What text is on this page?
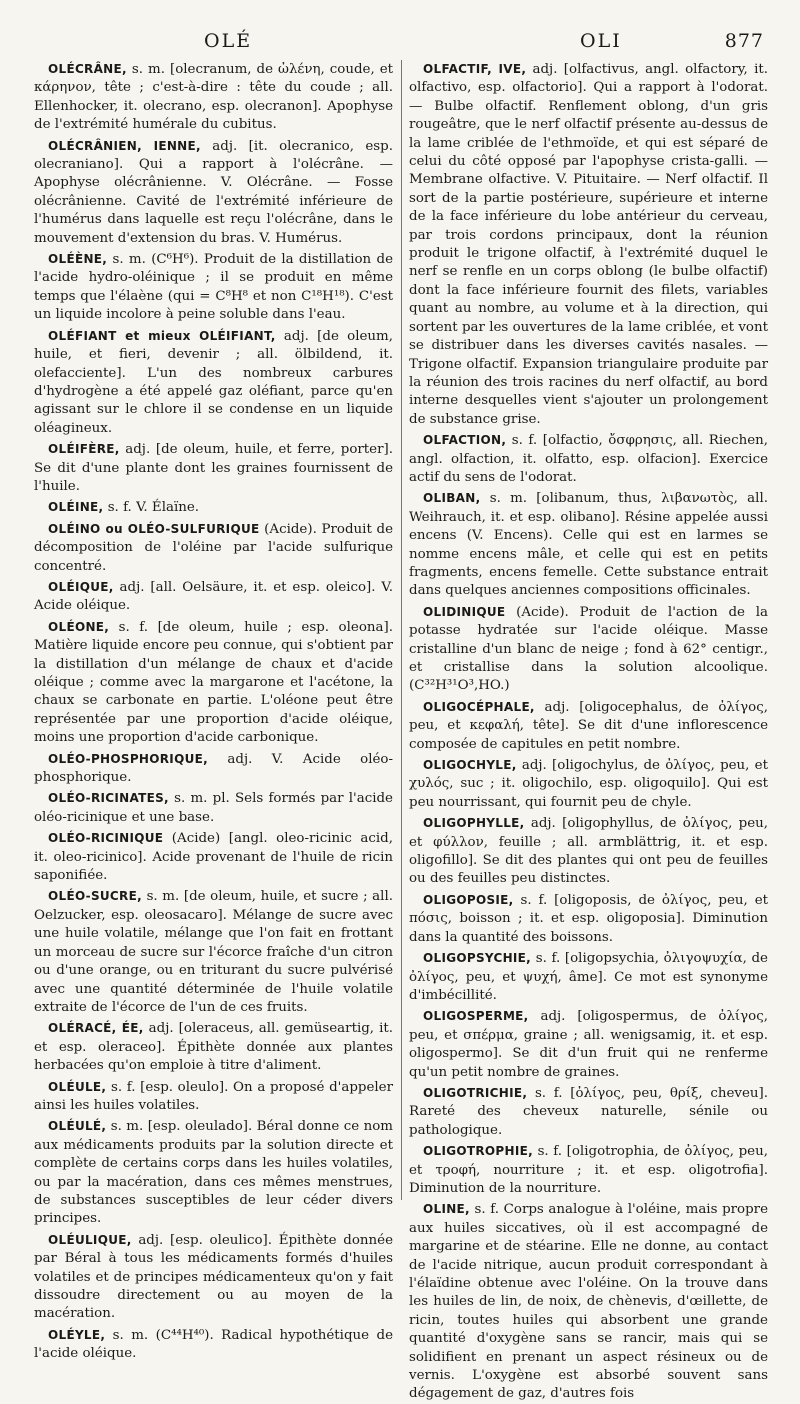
OLÉ	OLI	877

OLÉCRÂNE, s. m. [olecranum, de ὠλένη, coude, et κάρηνον, tête ; c'est-à-dire : tête du coude ; all. Ellenhocker, it. olecrano, esp. olecranon]. Apophyse de l'extrémité humérale du cubitus.

OLÉCRÂNIEN, IENNE, adj. [it. olecranico, esp. olecraniano]. Qui a rapport à l'olécrâne. — Apophyse olécrânienne. V. Olécrâne. — Fosse olécrânienne. Cavité de l'extrémité inférieure de l'humérus dans laquelle est reçu l'olécrâne, dans le mouvement d'extension du bras. V. Humérus.

OLÉÈNE, s. m. (C⁶H⁶). Produit de la distillation de l'acide hydro-oléinique ; il se produit en même temps que l'élaène (qui = C⁸H⁸ et non C¹⁸H¹⁸). C'est un liquide incolore à peine soluble dans l'eau.

OLÉFIANT et mieux OLÉIFIANT, adj. [de oleum, huile, et fieri, devenir ; all. ölbildend, it. olefacciente]. L'un des nombreux carbures d'hydrogène a été appelé gaz oléfiant, parce qu'en agissant sur le chlore il se condense en un liquide oléagineux.

OLÉIFÈRE, adj. [de oleum, huile, et ferre, porter]. Se dit d'une plante dont les graines fournissent de l'huile.

OLÉINE, s. f. V. Élaïne.

OLÉINO ou OLÉO-SULFURIQUE (Acide). Produit de décomposition de l'oléine par l'acide sulfurique concentré.

OLÉIQUE, adj. [all. Oelsäure, it. et esp. oleico]. V. Acide oléique.

OLÉONE, s. f. [de oleum, huile ; esp. oleona]. Matière liquide encore peu connue, qui s'obtient par la distillation d'un mélange de chaux et d'acide oléique ; comme avec la margarone et l'acétone, la chaux se carbonate en partie. L'oléone peut être représentée par une proportion d'acide oléique, moins une proportion d'acide carbonique.

OLÉO-PHOSPHORIQUE, adj. V. Acide oléo-phosphorique.

OLÉO-RICINATES, s. m. pl. Sels formés par l'acide oléo-ricinique et une base.

OLÉO-RICINIQUE (Acide) [angl. oleo-ricinic acid, it. oleo-ricinico]. Acide provenant de l'huile de ricin saponifiée.

OLÉO-SUCRE, s. m. [de oleum, huile, et sucre ; all. Oelzucker, esp. oleosacaro]. Mélange de sucre avec une huile volatile, mélange que l'on fait en frottant un morceau de sucre sur l'écorce fraîche d'un citron ou d'une orange, ou en triturant du sucre pulvérisé avec une quantité déterminée de l'huile volatile extraite de l'écorce de l'un de ces fruits.

OLÉRACÉ, ÉE, adj. [oleraceus, all. gemüseartig, it. et esp. oleraceo]. Épithète donnée aux plantes herbacées qu'on emploie à titre d'aliment.

OLÉULE, s. f. [esp. oleulo]. On a proposé d'appeler ainsi les huiles volatiles.

OLÉULÉ, s. m. [esp. oleulado]. Béral donne ce nom aux médicaments produits par la solution directe et complète de certains corps dans les huiles volatiles, ou par la macération, dans ces mêmes menstrues, de substances susceptibles de leur céder divers principes.

OLÉULIQUE, adj. [esp. oleulico]. Épithète donnée par Béral à tous les médicaments formés d'huiles volatiles et de principes médicamenteux qu'on y fait dissoudre directement ou au moyen de la macération.

OLÉYLE, s. m. (C⁴⁴H⁴⁰). Radical hypothétique de l'acide oléique.

OLFACTIF, IVE, adj. [olfactivus, angl. olfactory, it. olfactivo, esp. olfactorio]. Qui a rapport à l'odorat. — Bulbe olfactif. Renflement oblong, d'un gris rougeâtre, que le nerf olfactif présente au-dessus de la lame criblée de l'ethmoïde, et qui est séparé de celui du côté opposé par l'apophyse crista-galli. — Membrane olfactive. V. Pituitaire. — Nerf olfactif. Il sort de la partie postérieure, supérieure et interne de la face inférieure du lobe antérieur du cerveau, par trois cordons principaux, dont la réunion produit le trigone olfactif, à l'extrémité duquel le nerf se renfle en un corps oblong (le bulbe olfactif) dont la face inférieure fournit des filets, variables quant au nombre, au volume et à la direction, qui sortent par les ouvertures de la lame criblée, et vont se distribuer dans les diverses cavités nasales. — Trigone olfactif. Expansion triangulaire produite par la réunion des trois racines du nerf olfactif, au bord interne desquelles vient s'ajouter un prolongement de substance grise.

OLFACTION, s. f. [olfactio, ὄσφρησις, all. Riechen, angl. olfaction, it. olfatto, esp. olfacion]. Exercice actif du sens de l'odorat.

OLIBAN, s. m. [olibanum, thus, λιβανωτὸς, all. Weihrauch, it. et esp. olibano]. Résine appelée aussi encens (V. Encens). Celle qui est en larmes se nomme encens mâle, et celle qui est en petits fragments, encens femelle. Cette substance entrait dans quelques anciennes compositions officinales.

OLIDINIQUE (Acide). Produit de l'action de la potasse hydratée sur l'acide oléique. Masse cristalline d'un blanc de neige ; fond à 62° centigr., et cristallise dans la solution alcoolique. (C³²H³¹O³,HO.)

OLIGOCÉPHALE, adj. [oligocephalus, de ὀλίγος, peu, et κεφαλή, tête]. Se dit d'une inflorescence composée de capitules en petit nombre.

OLIGOCHYLE, adj. [oligochylus, de ὀλίγος, peu, et χυλός, suc ; it. oligochilo, esp. oligoquilo]. Qui est peu nourrissant, qui fournit peu de chyle.

OLIGOPHYLLE, adj. [oligophyllus, de ὀλίγος, peu, et φύλλον, feuille ; all. armblättrig, it. et esp. oligofillo]. Se dit des plantes qui ont peu de feuilles ou des feuilles peu distinctes.

OLIGOPOSIE, s. f. [oligoposis, de ὀλίγος, peu, et πόσις, boisson ; it. et esp. oligoposia]. Diminution dans la quantité des boissons.

OLIGOPSYCHIE, s. f. [oligopsychia, ὀλιγοψυχία, de ὀλίγος, peu, et ψυχή, âme]. Ce mot est synonyme d'imbécillité.

OLIGOSPERME, adj. [oligospermus, de ὀλίγος, peu, et σπέρμα, graine ; all. wenigsamig, it. et esp. oligospermo]. Se dit d'un fruit qui ne renferme qu'un petit nombre de graines.

OLIGOTRICHIE, s. f. [ὀλίγος, peu, θρίξ, cheveu]. Rareté des cheveux naturelle, sénile ou pathologique.

OLIGOTROPHIE, s. f. [oligotrophia, de ὀλίγος, peu, et τροφή, nourriture ; it. et esp. oligotrofia]. Diminution de la nourriture.

OLINE, s. f. Corps analogue à l'oléine, mais propre aux huiles siccatives, où il est accompagné de margarine et de stéarine. Elle ne donne, au contact de l'acide nitrique, aucun produit correspondant à l'élaïdine obtenue avec l'oléine. On la trouve dans les huiles de lin, de noix, de chènevis, d'œillette, de ricin, toutes huiles qui absorbent une grande quantité d'oxygène sans se rancir, mais qui se solidifient en prenant un aspect résineux ou de vernis. L'oxygène est absorbé souvent sans dégagement de gaz, d'autres fois
